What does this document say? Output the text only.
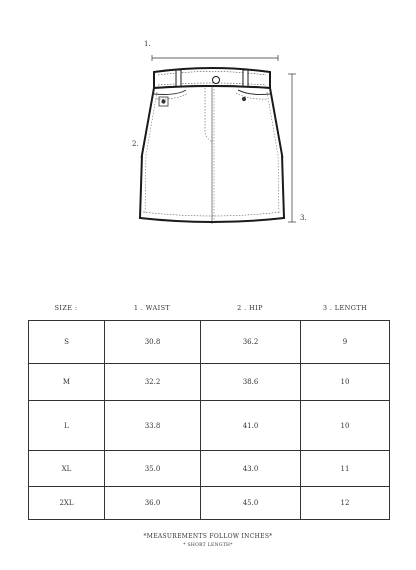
1.
2.
3.
SIZE :	1 . WAIST	2 . HIP	3 . LENGTH
S	30.8	36.2	9
M	32.2	38.6	10
L	33.8	41.0	10
XL	35.0	43.0	11
2XL	36.0	45.0	12
*MEASUREMENTS FOLLOW INCHES*
* SHORT LENGTH*
